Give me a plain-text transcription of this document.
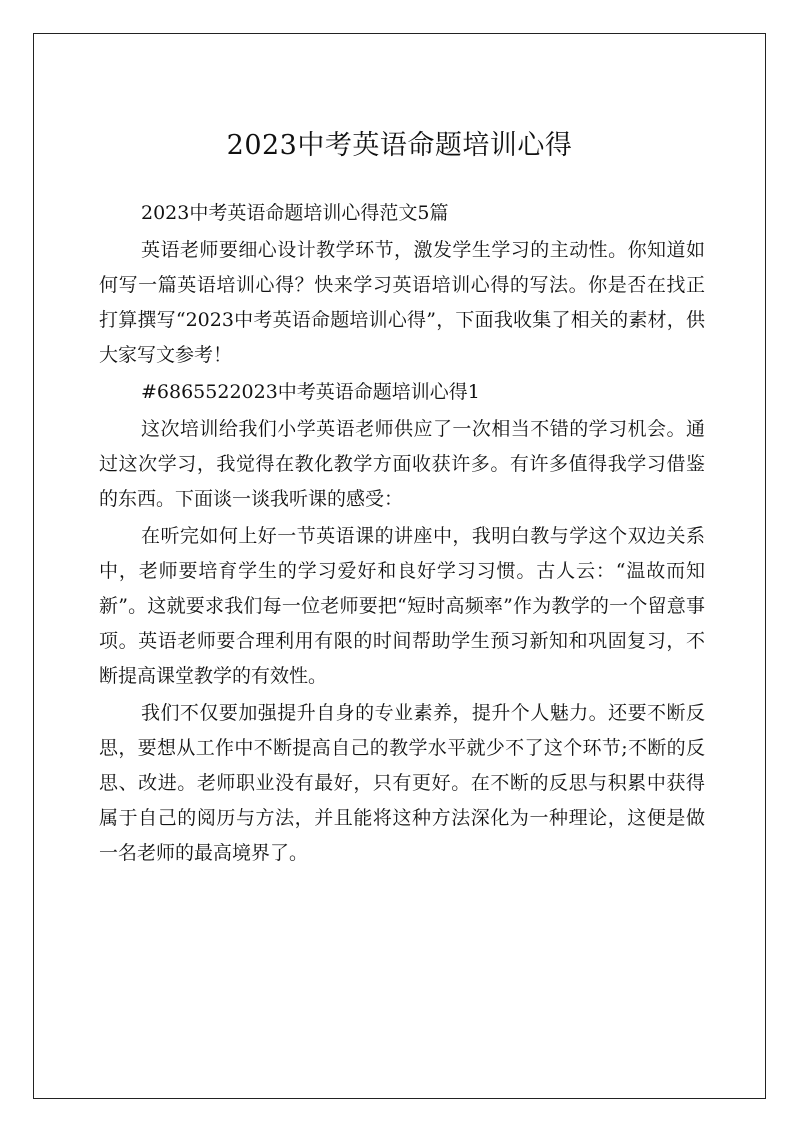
2023中考英语命题培训心得

2023中考英语命题培训心得范文5篇

英语老师要细心设计教学环节，激发学生学习的主动性。你知道如何写一篇英语培训心得？快来学习英语培训心得的写法。你是否在找正打算撰写“2023中考英语命题培训心得”，下面我收集了相关的素材，供大家写文参考！

#6865522023中考英语命题培训心得1

这次培训给我们小学英语老师供应了一次相当不错的学习机会。通过这次学习，我觉得在教化教学方面收获许多。有许多值得我学习借鉴的东西。下面谈一谈我听课的感受：

在听完如何上好一节英语课的讲座中，我明白教与学这个双边关系中，老师要培育学生的学习爱好和良好学习习惯。古人云：“温故而知新”。这就要求我们每一位老师要把“短时高频率”作为教学的一个留意事项。英语老师要合理利用有限的时间帮助学生预习新知和巩固复习，不断提高课堂教学的有效性。

我们不仅要加强提升自身的专业素养，提升个人魅力。还要不断反思，要想从工作中不断提高自己的教学水平就少不了这个环节;不断的反思、改进。老师职业没有最好，只有更好。在不断的反思与积累中获得属于自己的阅历与方法，并且能将这种方法深化为一种理论，这便是做一名老师的最高境界了。
